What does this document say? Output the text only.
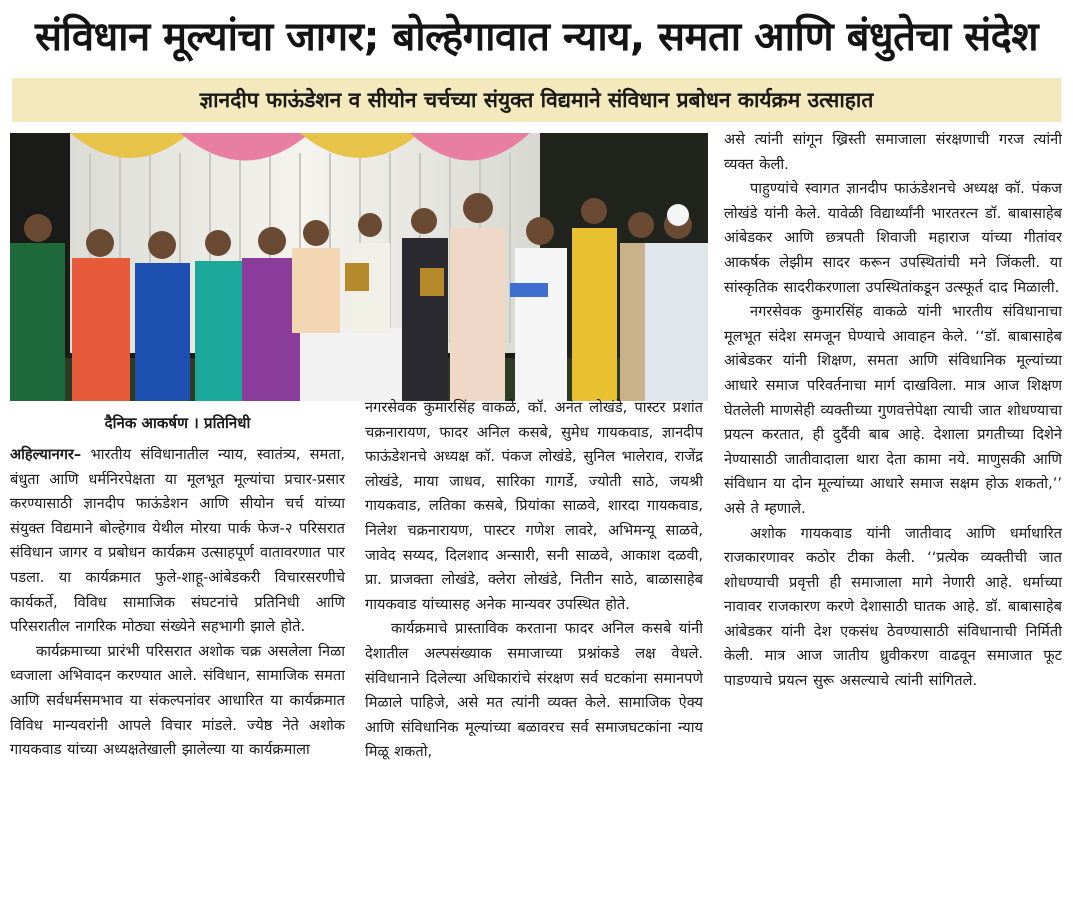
संविधान मूल्यांचा जागर; बोल्हेगावात न्याय, समता आणि बंधुतेचा संदेश
ज्ञानदीप फाऊंडेशन व सीयोन चर्चच्या संयुक्त विद्यमाने संविधान प्रबोधन कार्यक्रम उत्साहात
दैनिक आकर्षण । प्रतिनिधी

अहिल्यानगर– भारतीय संविधानातील न्याय, स्वातंत्र्य, समता, बंधुता आणि धर्मनिरपेक्षता या मूलभूत मूल्यांचा प्रचार-प्रसार करण्यासाठी ज्ञानदीप फाऊंडेशन आणि सीयोन चर्च यांच्या संयुक्त विद्यमाने बोल्हेगाव येथील मोरया पार्क फेज-२ परिसरात संविधान जागर व प्रबोधन कार्यक्रम उत्साहपूर्ण वातावरणात पार पडला. या कार्यक्रमात फुले-शाहू-आंबेडकरी विचारसरणीचे कार्यकर्ते, विविध सामाजिक संघटनांचे प्रतिनिधी आणि परिसरातील नागरिक मोठ्या संख्येने सहभागी झाले होते.

कार्यक्रमाच्या प्रारंभी परिसरात अशोक चक्र असलेला निळा ध्वजाला अभिवादन करण्यात आले. संविधान, सामाजिक समता आणि सर्वधर्मसमभाव या संकल्पनांवर आधारित या कार्यक्रमात विविध मान्यवरांनी आपले विचार मांडले. ज्येष्ठ नेते अशोक गायकवाड यांच्या अध्यक्षतेखाली झालेल्या या कार्यक्रमाला

नगरसेवक कुमारसिंह वाकळे, कॉ. अनंत लोखंडे, पास्टर प्रशांत चक्रनारायण, फादर अनिल कसबे, सुमेध गायकवाड, ज्ञानदीप फाऊंडेशनचे अध्यक्ष कॉ. पंकज लोखंडे, सुनिल भालेराव, राजेंद्र लोखंडे, माया जाधव, सारिका गागर्डे, ज्योती साठे, जयश्री गायकवाड, लतिका कसबे, प्रियांका साळवे, शारदा गायकवाड, निलेश चक्रनारायण, पास्टर गणेश लावरे, अभिमन्यू साळवे, जावेद सय्यद, दिलशाद अन्सारी, सनी साळवे, आकाश दळवी, प्रा. प्राजक्ता लोखंडे, क्लेरा लोखंडे, नितीन साठे, बाळासाहेब गायकवाड यांच्यासह अनेक मान्यवर उपस्थित होते.

कार्यक्रमाचे प्रास्ताविक करताना फादर अनिल कसबे यांनी देशातील अल्पसंख्याक समाजाच्या प्रश्नांकडे लक्ष वेधले. संविधानाने दिलेल्या अधिकारांचे संरक्षण सर्व घटकांना समानपणे मिळाले पाहिजे, असे मत त्यांनी व्यक्त केले. सामाजिक ऐक्य आणि संविधानिक मूल्यांच्या बळावरच सर्व समाजघटकांना न्याय मिळू शकतो,

असे त्यांनी सांगून ख्रिस्ती समाजाला संरक्षणाची गरज त्यांनी व्यक्त केली.

पाहुण्यांचे स्वागत ज्ञानदीप फाऊंडेशनचे अध्यक्ष कॉ. पंकज लोखंडे यांनी केले. यावेळी विद्यार्थ्यांनी भारतरत्न डॉ. बाबासाहेब आंबेडकर आणि छत्रपती शिवाजी महाराज यांच्या गीतांवर आकर्षक लेझीम सादर करून उपस्थितांची मने जिंकली. या सांस्कृतिक सादरीकरणाला उपस्थितांकडून उत्स्फूर्त दाद मिळाली.

नगरसेवक कुमारसिंह वाकळे यांनी भारतीय संविधानाचा मूलभूत संदेश समजून घेण्याचे आवाहन केले. ‘‘डॉ. बाबासाहेब आंबेडकर यांनी शिक्षण, समता आणि संविधानिक मूल्यांच्या आधारे समाज परिवर्तनाचा मार्ग दाखविला. मात्र आज शिक्षण घेतलेली माणसेही व्यक्तीच्या गुणवत्तेपेक्षा त्याची जात शोधण्याचा प्रयत्न करतात, ही दुर्दैवी बाब आहे. देशाला प्रगतीच्या दिशेने नेण्यासाठी जातीवादाला थारा देता कामा नये. माणुसकी आणि संविधान या दोन मूल्यांच्या आधारे समाज सक्षम होऊ शकतो,’’ असे ते म्हणाले.

अशोक गायकवाड यांनी जातीवाद आणि धर्माधारित राजकारणावर कठोर टीका केली. ‘‘प्रत्येक व्यक्तीची जात शोधण्याची प्रवृत्ती ही समाजाला मागे नेणारी आहे. धर्माच्या नावावर राजकारण करणे देशासाठी घातक आहे. डॉ. बाबासाहेब आंबेडकर यांनी देश एकसंध ठेवण्यासाठी संविधानाची निर्मिती केली. मात्र आज जातीय ध्रुवीकरण वाढवून समाजात फूट पाडण्याचे प्रयत्न सुरू असल्याचे त्यांनी सांगितले.
